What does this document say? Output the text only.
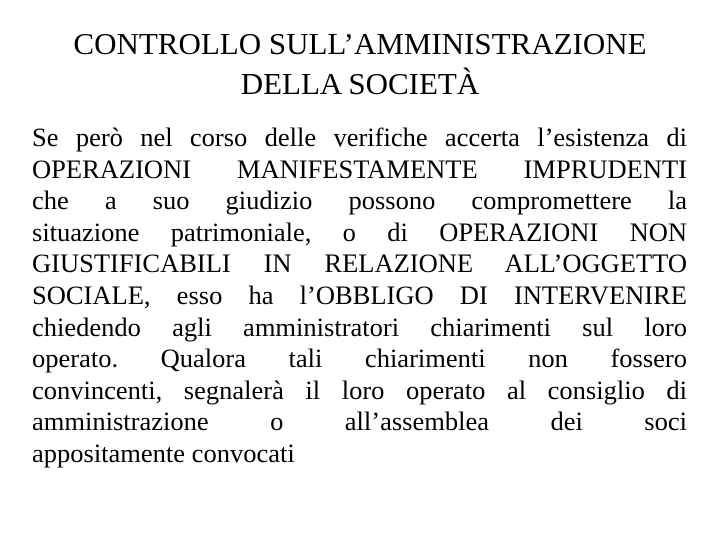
CONTROLLO SULL’AMMINISTRAZIONE
DELLA SOCIETÀ

Se però nel corso delle verifiche accerta l’esistenza di
OPERAZIONI MANIFESTAMENTE IMPRUDENTI
che a suo giudizio possono compromettere la
situazione patrimoniale, o di OPERAZIONI NON
GIUSTIFICABILI IN RELAZIONE ALL’OGGETTO
SOCIALE, esso ha l’OBBLIGO DI INTERVENIRE
chiedendo agli amministratori chiarimenti sul loro
operato. Qualora tali chiarimenti non fossero
convincenti, segnalerà il loro operato al consiglio di
amministrazione o all’assemblea dei soci
appositamente convocati
